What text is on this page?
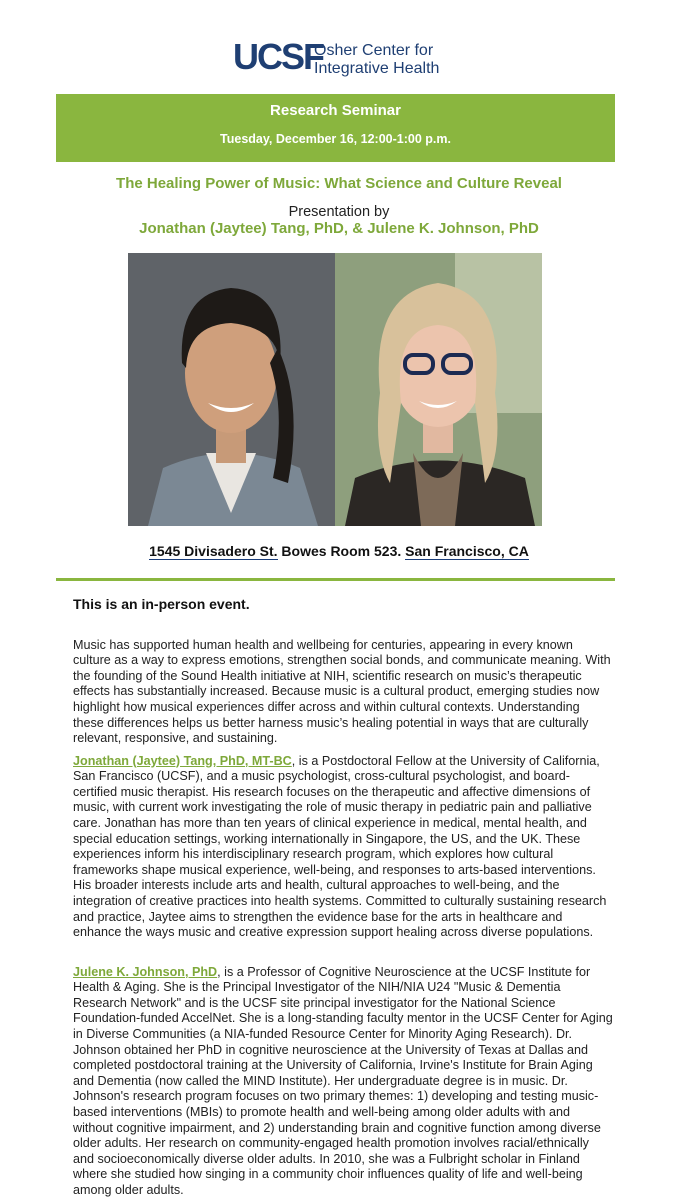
UCSF
Osher Center for
Integrative Health
Research Seminar
Tuesday, December 16, 12:00-1:00 p.m.
The Healing Power of Music: What Science and Culture Reveal
Presentation by
Jonathan (Jaytee) Tang, PhD, & Julene K. Johnson, PhD
1545 Divisadero St. Bowes Room 523. San Francisco, CA
This is an in-person event.

Music has supported human health and wellbeing for centuries, appearing in every known culture as a way to express emotions, strengthen social bonds, and communicate meaning. With the founding of the Sound Health initiative at NIH, scientific research on music’s therapeutic effects has substantially increased. Because music is a cultural product, emerging studies now highlight how musical experiences differ across and within cultural contexts. Understanding these differences helps us better harness music’s healing potential in ways that are culturally relevant, responsive, and sustaining.

Jonathan (Jaytee) Tang, PhD, MT-BC, is a Postdoctoral Fellow at the University of California, San Francisco (UCSF), and a music psychologist, cross-cultural psychologist, and board-certified music therapist. His research focuses on the therapeutic and affective dimensions of music, with current work investigating the role of music therapy in pediatric pain and palliative care. Jonathan has more than ten years of clinical experience in medical, mental health, and special education settings, working internationally in Singapore, the US, and the UK. These experiences inform his interdisciplinary research program, which explores how cultural frameworks shape musical experience, well-being, and responses to arts-based interventions. His broader interests include arts and health, cultural approaches to well-being, and the integration of creative practices into health systems. Committed to culturally sustaining research and practice, Jaytee aims to strengthen the evidence base for the arts in healthcare and enhance the ways music and creative expression support healing across diverse populations.

Julene K. Johnson, PhD, is a Professor of Cognitive Neuroscience at the UCSF Institute for Health & Aging. She is the Principal Investigator of the NIH/NIA U24 "Music & Dementia Research Network" and is the UCSF site principal investigator for the National Science Foundation-funded AccelNet. She is a long-standing faculty mentor in the UCSF Center for Aging in Diverse Communities (a NIA-funded Resource Center for Minority Aging Research). Dr. Johnson obtained her PhD in cognitive neuroscience at the University of Texas at Dallas and completed postdoctoral training at the University of California, Irvine's Institute for Brain Aging and Dementia (now called the MIND Institute). Her undergraduate degree is in music. Dr. Johnson's research program focuses on two primary themes: 1) developing and testing music-based interventions (MBIs) to promote health and well-being among older adults with and without cognitive impairment, and 2) understanding brain and cognitive function among diverse older adults. Her research on community-engaged health promotion involves racial/ethnically and socioeconomically diverse older adults. In 2010, she was a Fulbright scholar in Finland where she studied how singing in a community choir influences quality of life and well-being among older adults.
